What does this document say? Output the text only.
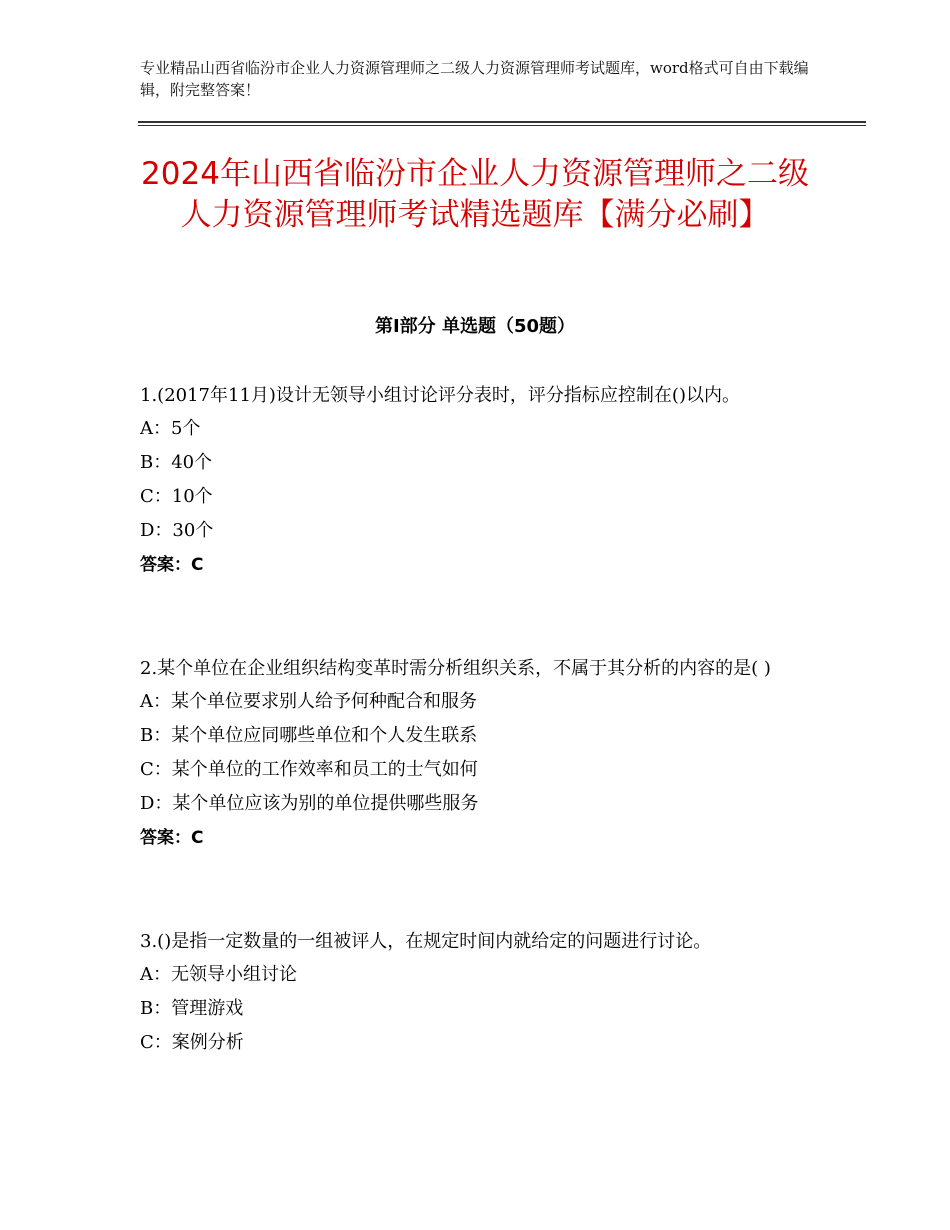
专业精品山西省临汾市企业人力资源管理师之二级人力资源管理师考试题库，word格式可自由下载编辑，附完整答案！
2024年山西省临汾市企业人力资源管理师之二级人力资源管理师考试精选题库【满分必刷】
第Ⅰ部分 单选题（50题）

1.(2017年11月)设计无领导小组讨论评分表时，评分指标应控制在()以内。

A：5个

B：40个

C：10个

D：30个

答案：C

2.某个单位在企业组织结构变革时需分析组织关系，不属于其分析的内容的是( )

A：某个单位要求别人给予何种配合和服务

B：某个单位应同哪些单位和个人发生联系

C：某个单位的工作效率和员工的士气如何

D：某个单位应该为别的单位提供哪些服务

答案：C

3.()是指一定数量的一组被评人，在规定时间内就给定的问题进行讨论。

A：无领导小组讨论

B：管理游戏

C：案例分析
